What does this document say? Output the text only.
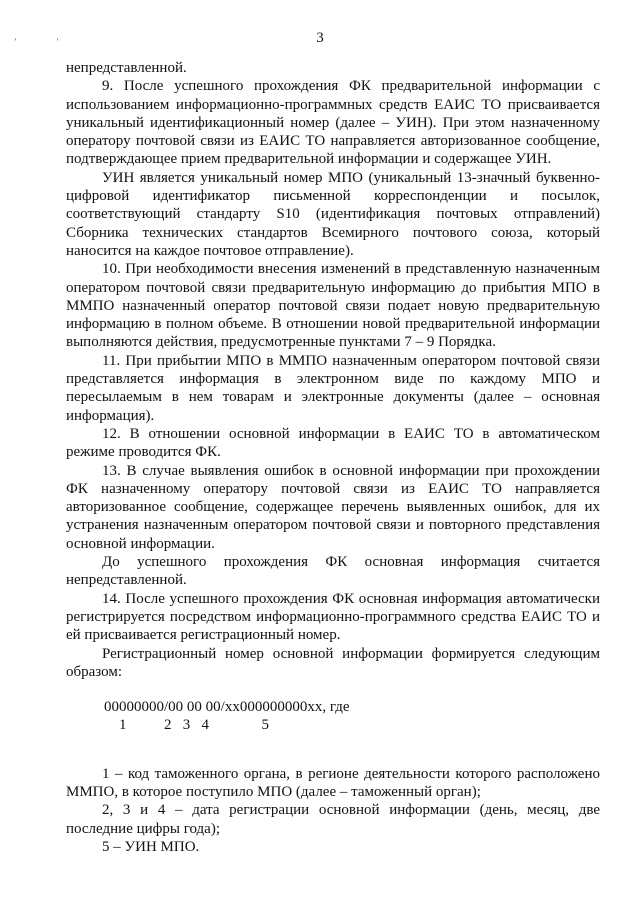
’	’	3

непредставленной.

9. После успешного прохождения ФК предварительной информации с использованием информационно-программных средств ЕАИС ТО присваивается уникальный идентификационный номер (далее – УИН). При этом назначенному оператору почтовой связи из ЕАИС ТО направляется авторизованное сообщение, подтверждающее прием предварительной информации и содержащее УИН.

УИН является уникальный номер МПО (уникальный 13-значный буквенно-цифровой идентификатор письменной корреспонденции и посылок, соответствующий стандарту S10 (идентификация почтовых отправлений) Сборника технических стандартов Всемирного почтового союза, который наносится на каждое почтовое отправление).

10. При необходимости внесения изменений в представленную назначенным оператором почтовой связи предварительную информацию до прибытия МПО в ММПО назначенный оператор почтовой связи подает новую предварительную информацию в полном объеме. В отношении новой предварительной информации выполняются действия, предусмотренные пунктами 7 – 9 Порядка.

11. При прибытии МПО в ММПО назначенным оператором почтовой связи представляется информация в электронном виде по каждому МПО и пересылаемым в нем товарам и электронные документы (далее – основная информация).

12. В отношении основной информации в ЕАИС ТО в автоматическом режиме проводится ФК.

13. В случае выявления ошибок в основной информации при прохождении ФК назначенному оператору почтовой связи из ЕАИС ТО направляется авторизованное сообщение, содержащее перечень выявленных ошибок, для их устранения назначенным оператором почтовой связи и повторного представления основной информации.

До успешного прохождения ФК основная информация считается непредставленной.

14. После успешного прохождения ФК основная информация автоматически регистрируется посредством информационно-программного средства ЕАИС ТО и ей присваивается регистрационный номер.

Регистрационный номер основной информации формируется следующим образом:

00000000/00 00 00/хх000000000хх, где

1          2   3   4              5

1 – код таможенного органа, в регионе деятельности которого расположено ММПО, в которое поступило МПО (далее – таможенный орган);

2, 3 и 4 – дата регистрации основной информации (день, месяц, две последние цифры года);

5 – УИН МПО.
